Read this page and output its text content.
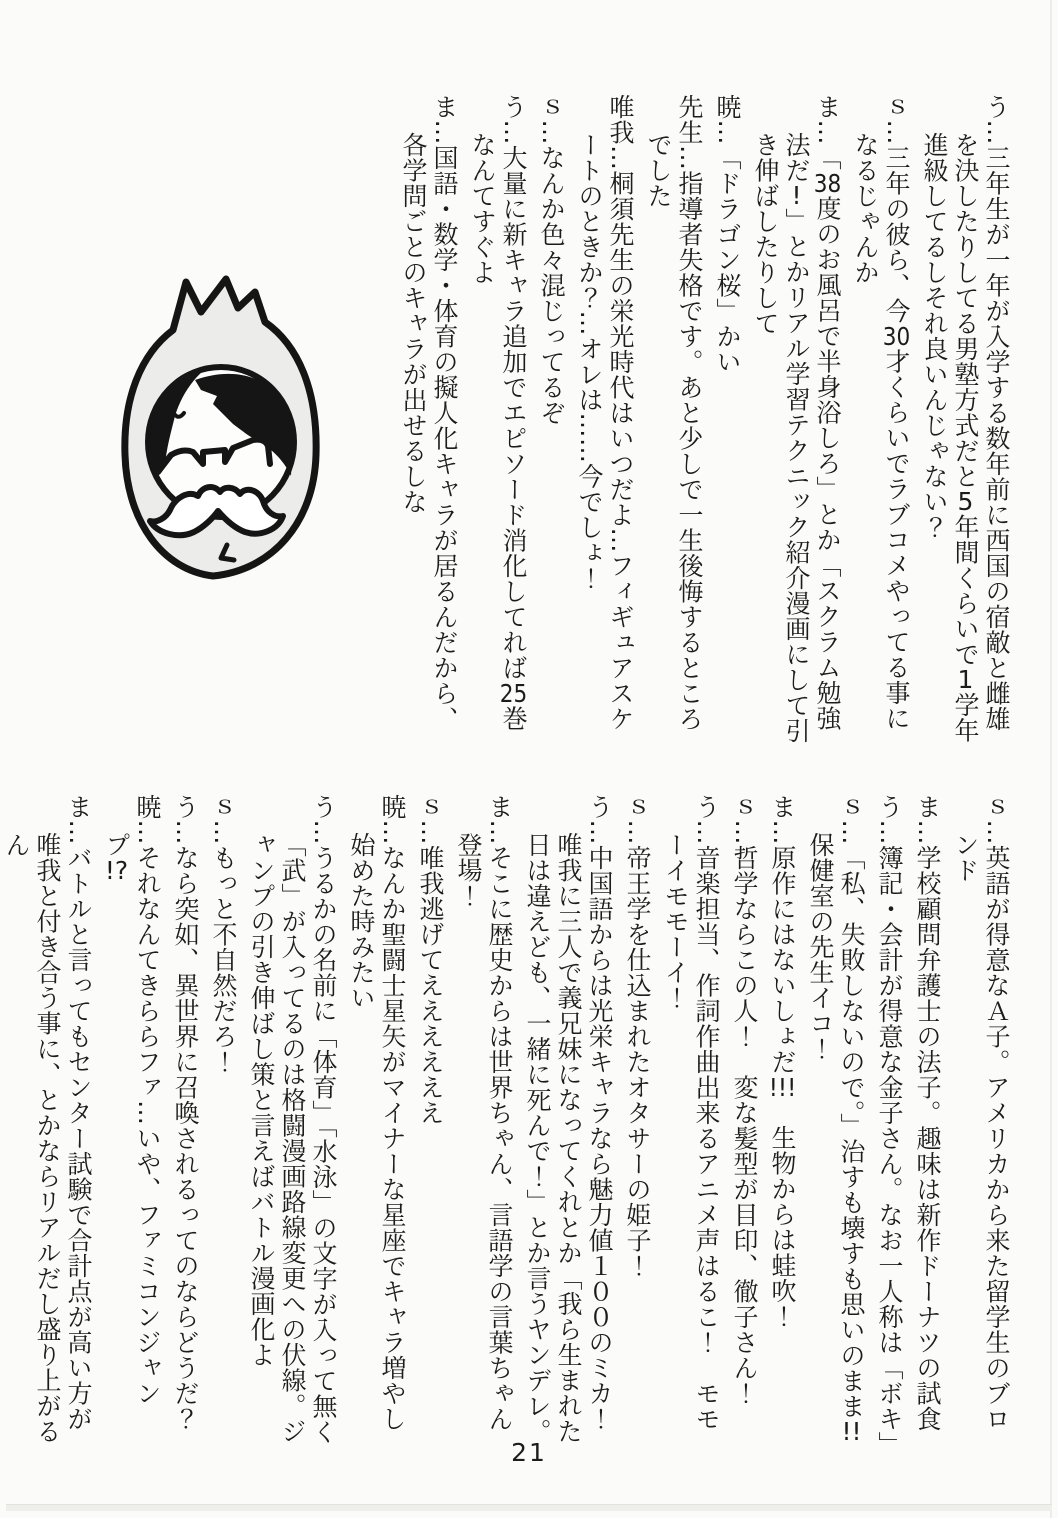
う…三年生が一年が入学する数年前に西国の宿敵と雌雄を決したりしてる男塾方式だと5年間くらいで1学年進級してるしそれ良いんじゃない？

ｓ…三年の彼ら、今30才くらいでラブコメやってる事になるじゃんか

ま…「38度のお風呂で半身浴しろ」とか「スクラム勉強法だ!」とかリアル学習テクニック紹介漫画にして引き伸ばしたりして

暁…「ドラゴン桜」かい

先生…指導者失格です。あと少しで一生後悔するところでした

唯我…桐須先生の栄光時代はいつだよ…フィギュアスケートのときか？…オレは……今でしょ！

ｓ…なんか色々混じってるぞ

う…大量に新キャラ追加でエピソード消化してれば25巻なんてすぐよ

ま…国語・数学・体育の擬人化キャラが居るんだから、各学問ごとのキャラが出せるしな

ｓ…英語が得意なＡ子。アメリカから来た留学生のブロンド

ま…学校顧問弁護士の法子。趣味は新作ドーナツの試食

う…簿記・会計が得意な金子さん。なお一人称は「ボキ」

ｓ…「私、失敗しないので。」治すも壊すも思いのまま!!　保健室の先生イコ！

ま…原作にはないしょだ!!!　生物からは蛙吹！

ｓ…哲学ならこの人！　変な髪型が目印、徹子さん！

う…音楽担当、作詞作曲出来るアニメ声はるこ！　モモーイモモーイ！

ｓ…帝王学を仕込まれたオタサーの姫子！

う…中国語からは光栄キャラなら魅力値１００のミカ！　唯我に三人で義兄妹になってくれとか「我ら生まれた日は違えども、一緒に死んで！」とか言うヤンデレ。

ま…そこに歴史からは世界ちゃん、言語学の言葉ちゃん登場！

ｓ…唯我逃げてええええええ

暁…なんか聖闘士星矢がマイナーな星座でキャラ増やし始めた時みたい

う…うるかの名前に「体育」「水泳」の文字が入って無く「武」が入ってるのは格闘漫画路線変更への伏線。ジャンプの引き伸ばし策と言えばバトル漫画化よ

ｓ…もっと不自然だろ！

う…なら突如、異世界に召喚されるってのならどうだ？

暁…それなんてきららファ…いや、ファミコンジャンプ!?

ま…バトルと言ってもセンター試験で合計点が高い方が唯我と付き合う事に、とかならリアルだし盛り上がるん

21
